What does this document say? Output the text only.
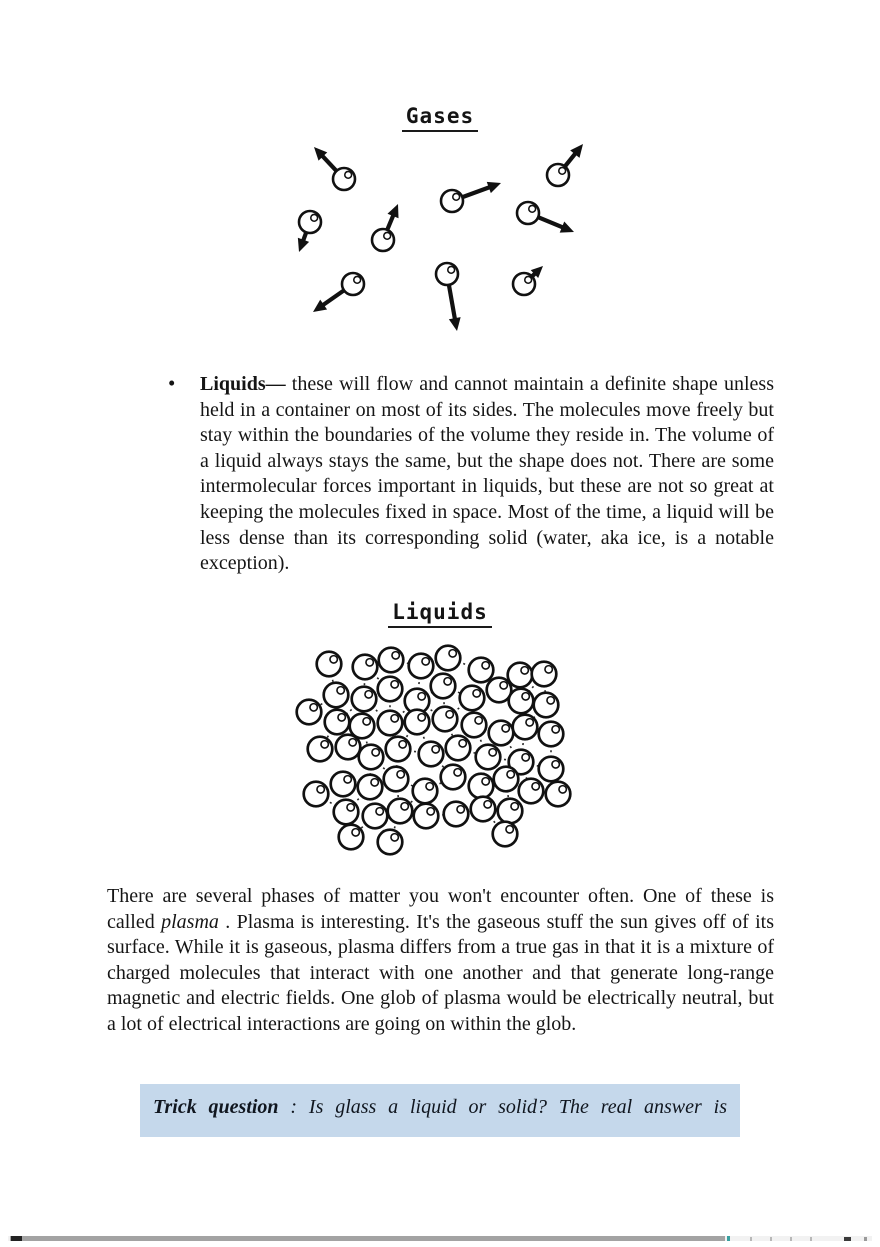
Gases
• Liquids— these will flow and cannot maintain a definite shape unless held in a container on most of its sides. The molecules move freely but stay within the boundaries of the volume they reside in. The volume of a liquid always stays the same, but the shape does not. There are some intermolecular forces important in liquids, but these are not so great at keeping the molecules fixed in space. Most of the time, a liquid will be less dense than its corresponding solid (water, aka ice, is a notable exception).
Liquids
There are several phases of matter you won't encounter often. One of these is called plasma . Plasma is interesting. It's the gaseous stuff the sun gives off of its surface. While it is gaseous, plasma differs from a true gas in that it is a mixture of charged molecules that interact with one another and that generate long-range magnetic and electric fields. One glob of plasma would be electrically neutral, but a lot of electrical interactions are going on within the glob.
Trick question : Is glass a liquid or solid? The real answer is
